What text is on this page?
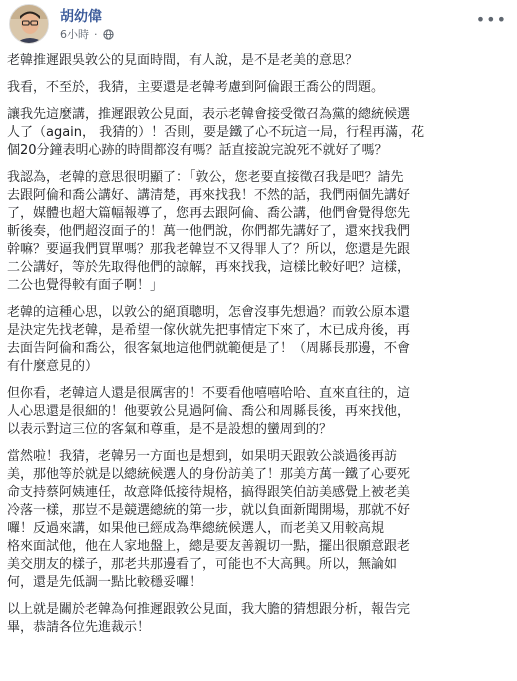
胡幼偉
6小時 ·
•••

老韓推遲跟吳敦公的見面時間，有人說，是不是老美的意思？

我看，不至於，我猜，主要還是老韓考慮到阿倫跟王喬公的問題。

讓我先這麼講，推遲跟敦公見面，表示老韓會接受徵召為黨的總統候選
人了（again， 我猜的）！否則，要是鐵了心不玩這一局，行程再滿，花
個20分鐘表明心跡的時間都沒有嗎？話直接說完說死不就好了嗎？

我認為，老韓的意思很明顯了：「敦公，您老要直接徵召我是吧？請先
去跟阿倫和喬公講好、講清楚，再來找我！不然的話，我們兩個先講好
了，媒體也超大篇幅報導了，您再去跟阿倫、喬公講，他們會覺得您先
斬後奏，他們超沒面子的！萬一他們說，你們都先講好了，還來找我們
幹嘛？要逼我們買單嗎？那我老韓豈不又得罪人了？所以，您還是先跟
二公講好，等於先取得他們的諒解，再來找我，這樣比較好吧？這樣，
二公也覺得較有面子啊！」

老韓的這種心思，以敦公的絕頂聰明，怎會沒事先想過？而敦公原本還
是決定先找老韓，是希望一傢伙就先把事情定下來了，木已成舟後，再
去面告阿倫和喬公，很客氣地這他們就範便是了！（周縣長那邊，不會
有什麼意見的）

但你看，老韓這人還是很厲害的！不要看他嘻嘻哈哈、直來直往的，這
人心思還是很細的！他要敦公見過阿倫、喬公和周縣長後，再來找他，
以表示對這三位的客氣和尊重，是不是設想的蠻周到的？

當然啦！我猜，老韓另一方面也是想到，如果明天跟敦公談過後再訪
美，那他等於就是以總統候選人的身份訪美了！那美方萬一鐵了心要死
命支持蔡阿姨連任，故意降低接待規格，搞得跟笑伯訪美感覺上被老美
冷落一樣，那豈不是競選總統的第一步，就以負面新聞開場，那就不好
囉！反過來講，如果他已經成為準總統候選人，而老美又用較高規
格來面試他，他在人家地盤上，總是要友善親切一點，擺出很願意跟老
美交朋友的樣子，那老共那邊看了，可能也不大高興。所以，無論如
何，還是先低調一點比較穩妥囉！

以上就是關於老韓為何推遲跟敦公見面，我大膽的猜想跟分析，報告完
畢，恭請各位先進裁示！
